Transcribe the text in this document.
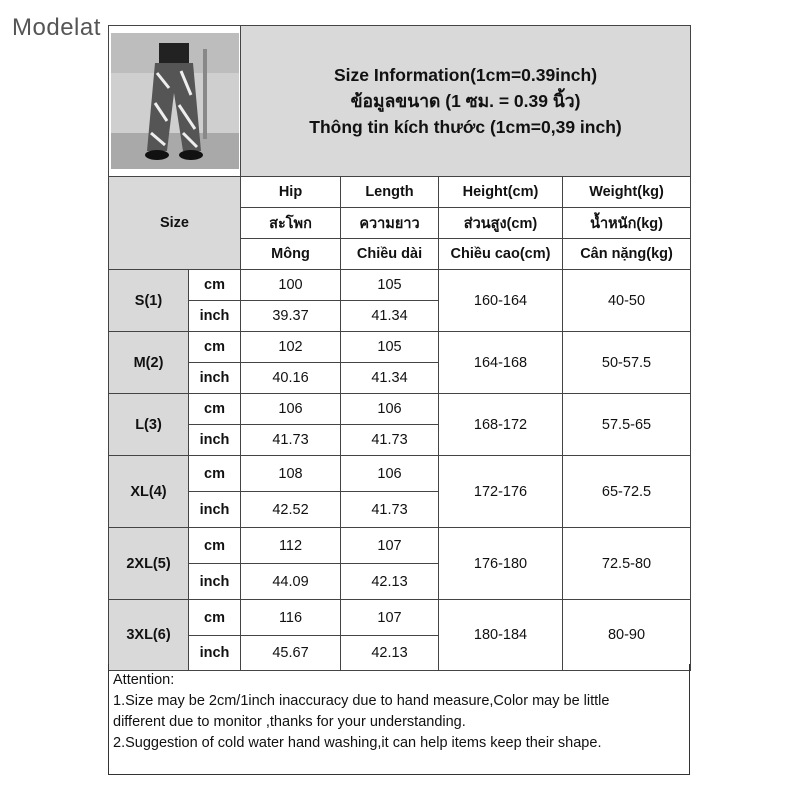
Modelat

Size Information(1cm=0.39inch)
ข้อมูลขนาด (1 ซม. = 0.39 นิ้ว)
Thông tin kích thước (1cm=0,39 inch)			

Size		Hip	Length	Height(cm)	Weight(kg)
		สะโพก	ความยาว	ส่วนสูง(cm)	น้ำหนัก(kg)
		Mông	Chiều dài	Chiều cao(cm)	Cân nặng(kg)
S(1)	cm	100	105	160-164	40-50
	inch	39.37	41.34		
M(2)	cm	102	105	164-168	50-57.5
	inch	40.16	41.34		
L(3)	cm	106	106	168-172	57.5-65
	inch	41.73	41.73		
XL(4)	cm	108	106	172-176	65-72.5
	inch	42.52	41.73		
2XL(5)	cm	112	107	176-180	72.5-80
	inch	44.09	42.13		
3XL(6)	cm	116	107	180-184	80-90
	inch	45.67	42.13		
Attention:
1.Size may be 2cm/1inch inaccuracy due to hand measure,Color may be little
different due to monitor ,thanks for your understanding.
2.Suggestion of cold water hand washing,it can help items keep their shape.
